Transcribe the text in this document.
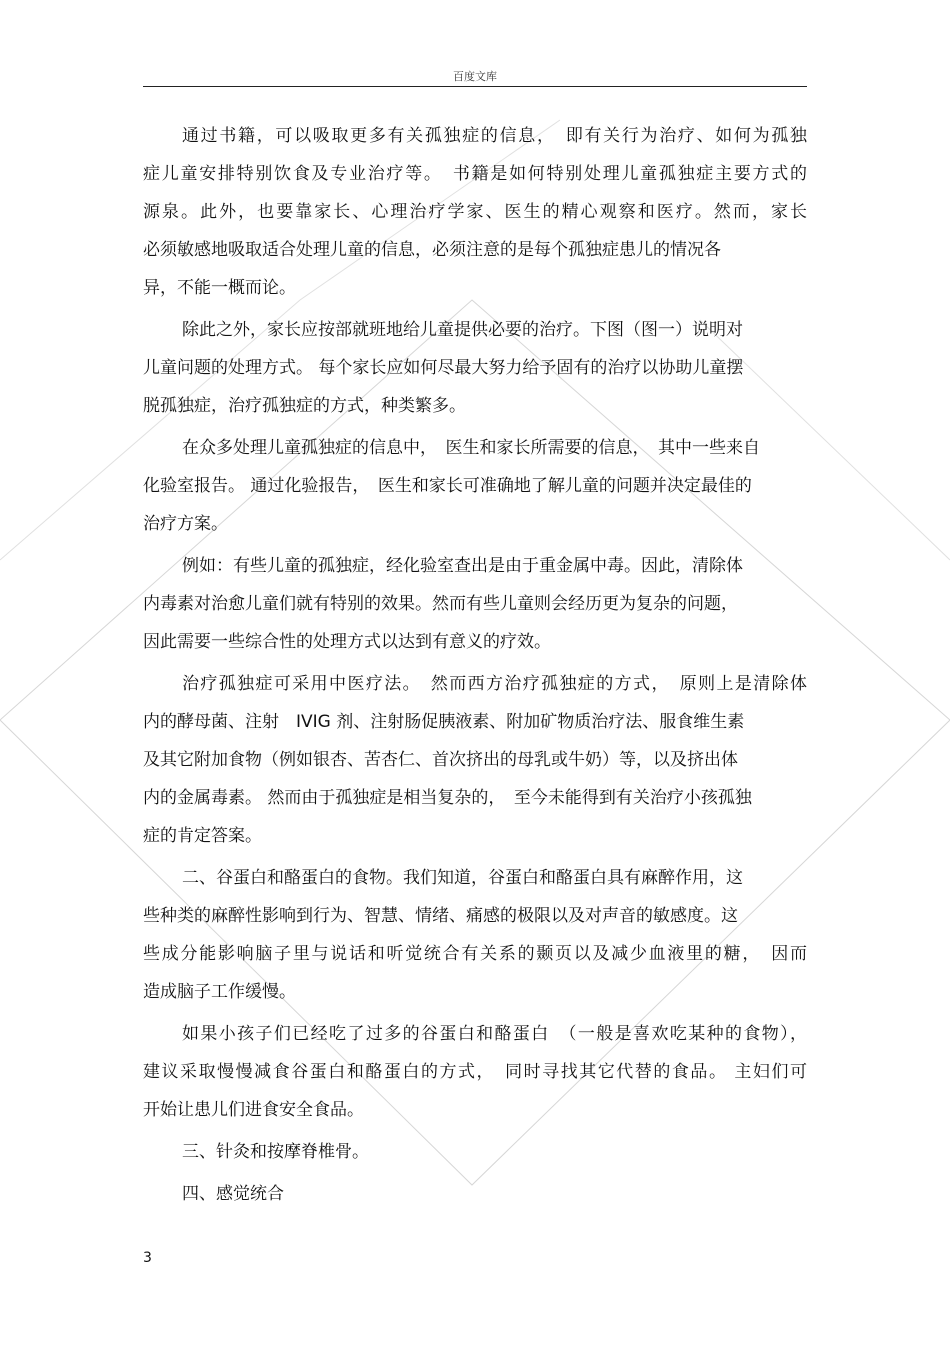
百度文库
通过书籍，可以吸取更多有关孤独症的信息，　即有关行为治疗、如何为孤独
症儿童安排特别饮食及专业治疗等。　书籍是如何特别处理儿童孤独症主要方式的
源泉。此外，也要靠家长、心理治疗学家、医生的精心观察和医疗。然而，家长
必须敏感地吸取适合处理儿童的信息，必须注意的是每个孤独症患儿的情况各
异，不能一概而论。
除此之外，家长应按部就班地给儿童提供必要的治疗。下图（图一）说明对
儿童问题的处理方式。 每个家长应如何尽最大努力给予固有的治疗以协助儿童摆
脱孤独症，治疗孤独症的方式，种类繁多。
在众多处理儿童孤独症的信息中，　医生和家长所需要的信息，　其中一些来自
化验室报告。 通过化验报告，　医生和家长可准确地了解儿童的问题并决定最佳的
治疗方案。
例如：有些儿童的孤独症，经化验室查出是由于重金属中毒。因此，清除体
内毒素对治愈儿童们就有特别的效果。然而有些儿童则会经历更为复杂的问题，
因此需要一些综合性的处理方式以达到有意义的疗效。
治疗孤独症可采用中医疗法。　然而西方治疗孤独症的方式，　原则上是清除体
内的酵母菌、注射　IVIG 剂、注射肠促胰液素、附加矿物质治疗法、服食维生素
及其它附加食物（例如银杏、苦杏仁、首次挤出的母乳或牛奶）等，以及挤出体
内的金属毒素。 然而由于孤独症是相当复杂的，　至今未能得到有关治疗小孩孤独
症的肯定答案。
二、谷蛋白和酪蛋白的食物。我们知道，谷蛋白和酪蛋白具有麻醉作用，这
些种类的麻醉性影响到行为、智慧、情绪、痛感的极限以及对声音的敏感度。这
些成分能影响脑子里与说话和听觉统合有关系的颞页以及减少血液里的糖，　因而
造成脑子工作缓慢。
如果小孩子们已经吃了过多的谷蛋白和酪蛋白　（一般是喜欢吃某种的食物），
建议采取慢慢减食谷蛋白和酪蛋白的方式，　同时寻找其它代替的食品。 主妇们可
开始让患儿们进食安全食品。
三、针灸和按摩脊椎骨。
四、感觉统合
3
